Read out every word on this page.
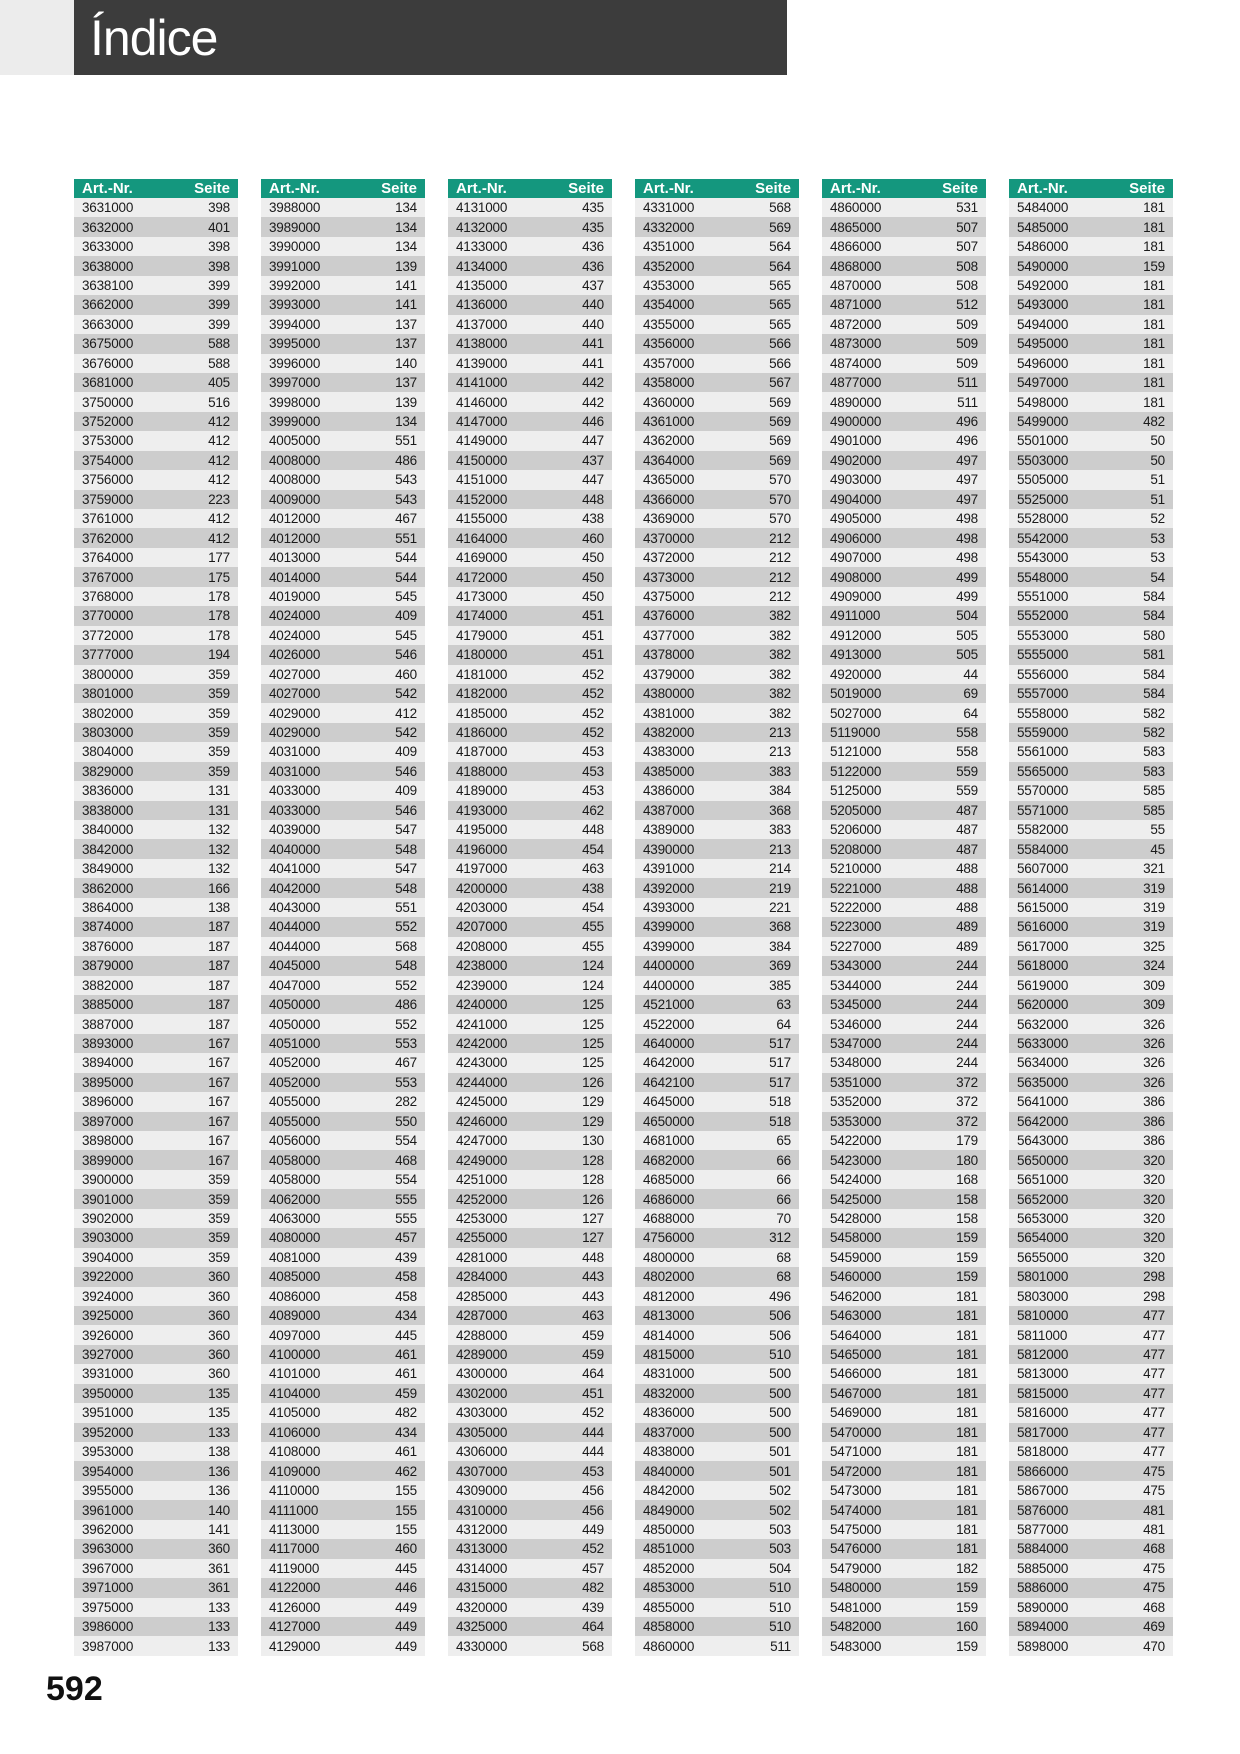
Índice
Art.-Nr.	Seite
3631000	398
3632000	401
3633000	398
3638000	398
3638100	399
3662000	399
3663000	399
3675000	588
3676000	588
3681000	405
3750000	516
3752000	412
3753000	412
3754000	412
3756000	412
3759000	223
3761000	412
3762000	412
3764000	177
3767000	175
3768000	178
3770000	178
3772000	178
3777000	194
3800000	359
3801000	359
3802000	359
3803000	359
3804000	359
3829000	359
3836000	131
3838000	131
3840000	132
3842000	132
3849000	132
3862000	166
3864000	138
3874000	187
3876000	187
3879000	187
3882000	187
3885000	187
3887000	187
3893000	167
3894000	167
3895000	167
3896000	167
3897000	167
3898000	167
3899000	167
3900000	359
3901000	359
3902000	359
3903000	359
3904000	359
3922000	360
3924000	360
3925000	360
3926000	360
3927000	360
3931000	360
3950000	135
3951000	135
3952000	133
3953000	138
3954000	136
3955000	136
3961000	140
3962000	141
3963000	360
3967000	361
3971000	361
3975000	133
3986000	133
3987000	133
Art.-Nr.	Seite
3988000	134
3989000	134
3990000	134
3991000	139
3992000	141
3993000	141
3994000	137
3995000	137
3996000	140
3997000	137
3998000	139
3999000	134
4005000	551
4008000	486
4008000	543
4009000	543
4012000	467
4012000	551
4013000	544
4014000	544
4019000	545
4024000	409
4024000	545
4026000	546
4027000	460
4027000	542
4029000	412
4029000	542
4031000	409
4031000	546
4033000	409
4033000	546
4039000	547
4040000	548
4041000	547
4042000	548
4043000	551
4044000	552
4044000	568
4045000	548
4047000	552
4050000	486
4050000	552
4051000	553
4052000	467
4052000	553
4055000	282
4055000	550
4056000	554
4058000	468
4058000	554
4062000	555
4063000	555
4080000	457
4081000	439
4085000	458
4086000	458
4089000	434
4097000	445
4100000	461
4101000	461
4104000	459
4105000	482
4106000	434
4108000	461
4109000	462
4110000	155
4111000	155
4113000	155
4117000	460
4119000	445
4122000	446
4126000	449
4127000	449
4129000	449
Art.-Nr.	Seite
4131000	435
4132000	435
4133000	436
4134000	436
4135000	437
4136000	440
4137000	440
4138000	441
4139000	441
4141000	442
4146000	442
4147000	446
4149000	447
4150000	437
4151000	447
4152000	448
4155000	438
4164000	460
4169000	450
4172000	450
4173000	450
4174000	451
4179000	451
4180000	451
4181000	452
4182000	452
4185000	452
4186000	452
4187000	453
4188000	453
4189000	453
4193000	462
4195000	448
4196000	454
4197000	463
4200000	438
4203000	454
4207000	455
4208000	455
4238000	124
4239000	124
4240000	125
4241000	125
4242000	125
4243000	125
4244000	126
4245000	129
4246000	129
4247000	130
4249000	128
4251000	128
4252000	126
4253000	127
4255000	127
4281000	448
4284000	443
4285000	443
4287000	463
4288000	459
4289000	459
4300000	464
4302000	451
4303000	452
4305000	444
4306000	444
4307000	453
4309000	456
4310000	456
4312000	449
4313000	452
4314000	457
4315000	482
4320000	439
4325000	464
4330000	568
Art.-Nr.	Seite
4331000	568
4332000	569
4351000	564
4352000	564
4353000	565
4354000	565
4355000	565
4356000	566
4357000	566
4358000	567
4360000	569
4361000	569
4362000	569
4364000	569
4365000	570
4366000	570
4369000	570
4370000	212
4372000	212
4373000	212
4375000	212
4376000	382
4377000	382
4378000	382
4379000	382
4380000	382
4381000	382
4382000	213
4383000	213
4385000	383
4386000	384
4387000	368
4389000	383
4390000	213
4391000	214
4392000	219
4393000	221
4399000	368
4399000	384
4400000	369
4400000	385
4521000	63
4522000	64
4640000	517
4642000	517
4642100	517
4645000	518
4650000	518
4681000	65
4682000	66
4685000	66
4686000	66
4688000	70
4756000	312
4800000	68
4802000	68
4812000	496
4813000	506
4814000	506
4815000	510
4831000	500
4832000	500
4836000	500
4837000	500
4838000	501
4840000	501
4842000	502
4849000	502
4850000	503
4851000	503
4852000	504
4853000	510
4855000	510
4858000	510
4860000	511
Art.-Nr.	Seite
4860000	531
4865000	507
4866000	507
4868000	508
4870000	508
4871000	512
4872000	509
4873000	509
4874000	509
4877000	511
4890000	511
4900000	496
4901000	496
4902000	497
4903000	497
4904000	497
4905000	498
4906000	498
4907000	498
4908000	499
4909000	499
4911000	504
4912000	505
4913000	505
4920000	44
5019000	69
5027000	64
5119000	558
5121000	558
5122000	559
5125000	559
5205000	487
5206000	487
5208000	487
5210000	488
5221000	488
5222000	488
5223000	489
5227000	489
5343000	244
5344000	244
5345000	244
5346000	244
5347000	244
5348000	244
5351000	372
5352000	372
5353000	372
5422000	179
5423000	180
5424000	168
5425000	158
5428000	158
5458000	159
5459000	159
5460000	159
5462000	181
5463000	181
5464000	181
5465000	181
5466000	181
5467000	181
5469000	181
5470000	181
5471000	181
5472000	181
5473000	181
5474000	181
5475000	181
5476000	181
5479000	182
5480000	159
5481000	159
5482000	160
5483000	159
Art.-Nr.	Seite
5484000	181
5485000	181
5486000	181
5490000	159
5492000	181
5493000	181
5494000	181
5495000	181
5496000	181
5497000	181
5498000	181
5499000	482
5501000	50
5503000	50
5505000	51
5525000	51
5528000	52
5542000	53
5543000	53
5548000	54
5551000	584
5552000	584
5553000	580
5555000	581
5556000	584
5557000	584
5558000	582
5559000	582
5561000	583
5565000	583
5570000	585
5571000	585
5582000	55
5584000	45
5607000	321
5614000	319
5615000	319
5616000	319
5617000	325
5618000	324
5619000	309
5620000	309
5632000	326
5633000	326
5634000	326
5635000	326
5641000	386
5642000	386
5643000	386
5650000	320
5651000	320
5652000	320
5653000	320
5654000	320
5655000	320
5801000	298
5803000	298
5810000	477
5811000	477
5812000	477
5813000	477
5815000	477
5816000	477
5817000	477
5818000	477
5866000	475
5867000	475
5876000	481
5877000	481
5884000	468
5885000	475
5886000	475
5890000	468
5894000	469
5898000	470
592
